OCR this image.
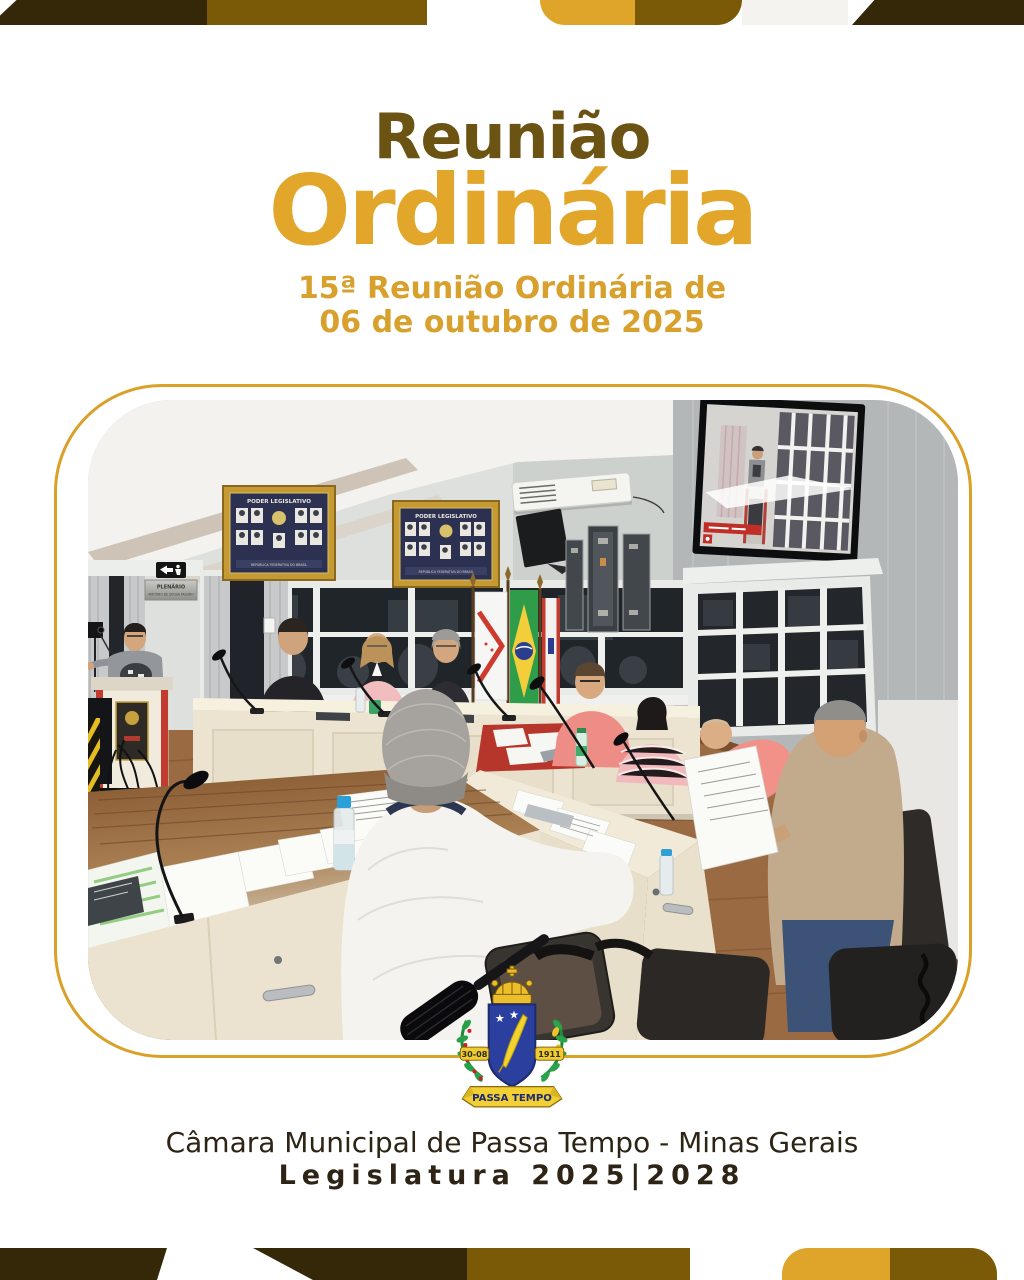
Reunião
Ordinária
15ª Reunião Ordinária de
06 de outubro de 2025
PLENÁRIO
ANTÔNIO DE SOUSA FALEIRO
PODER LEGISLATIVO
REPÚBLICA FEDERATIVA DO BRASIL
PODER LEGISLATIVO
REPÚBLICA FEDERATIVA DO BRASIL
★ ★
30-08	1911
PASSA TEMPO
Câmara Municipal de Passa Tempo - Minas Gerais
Legislatura 2025|2028
